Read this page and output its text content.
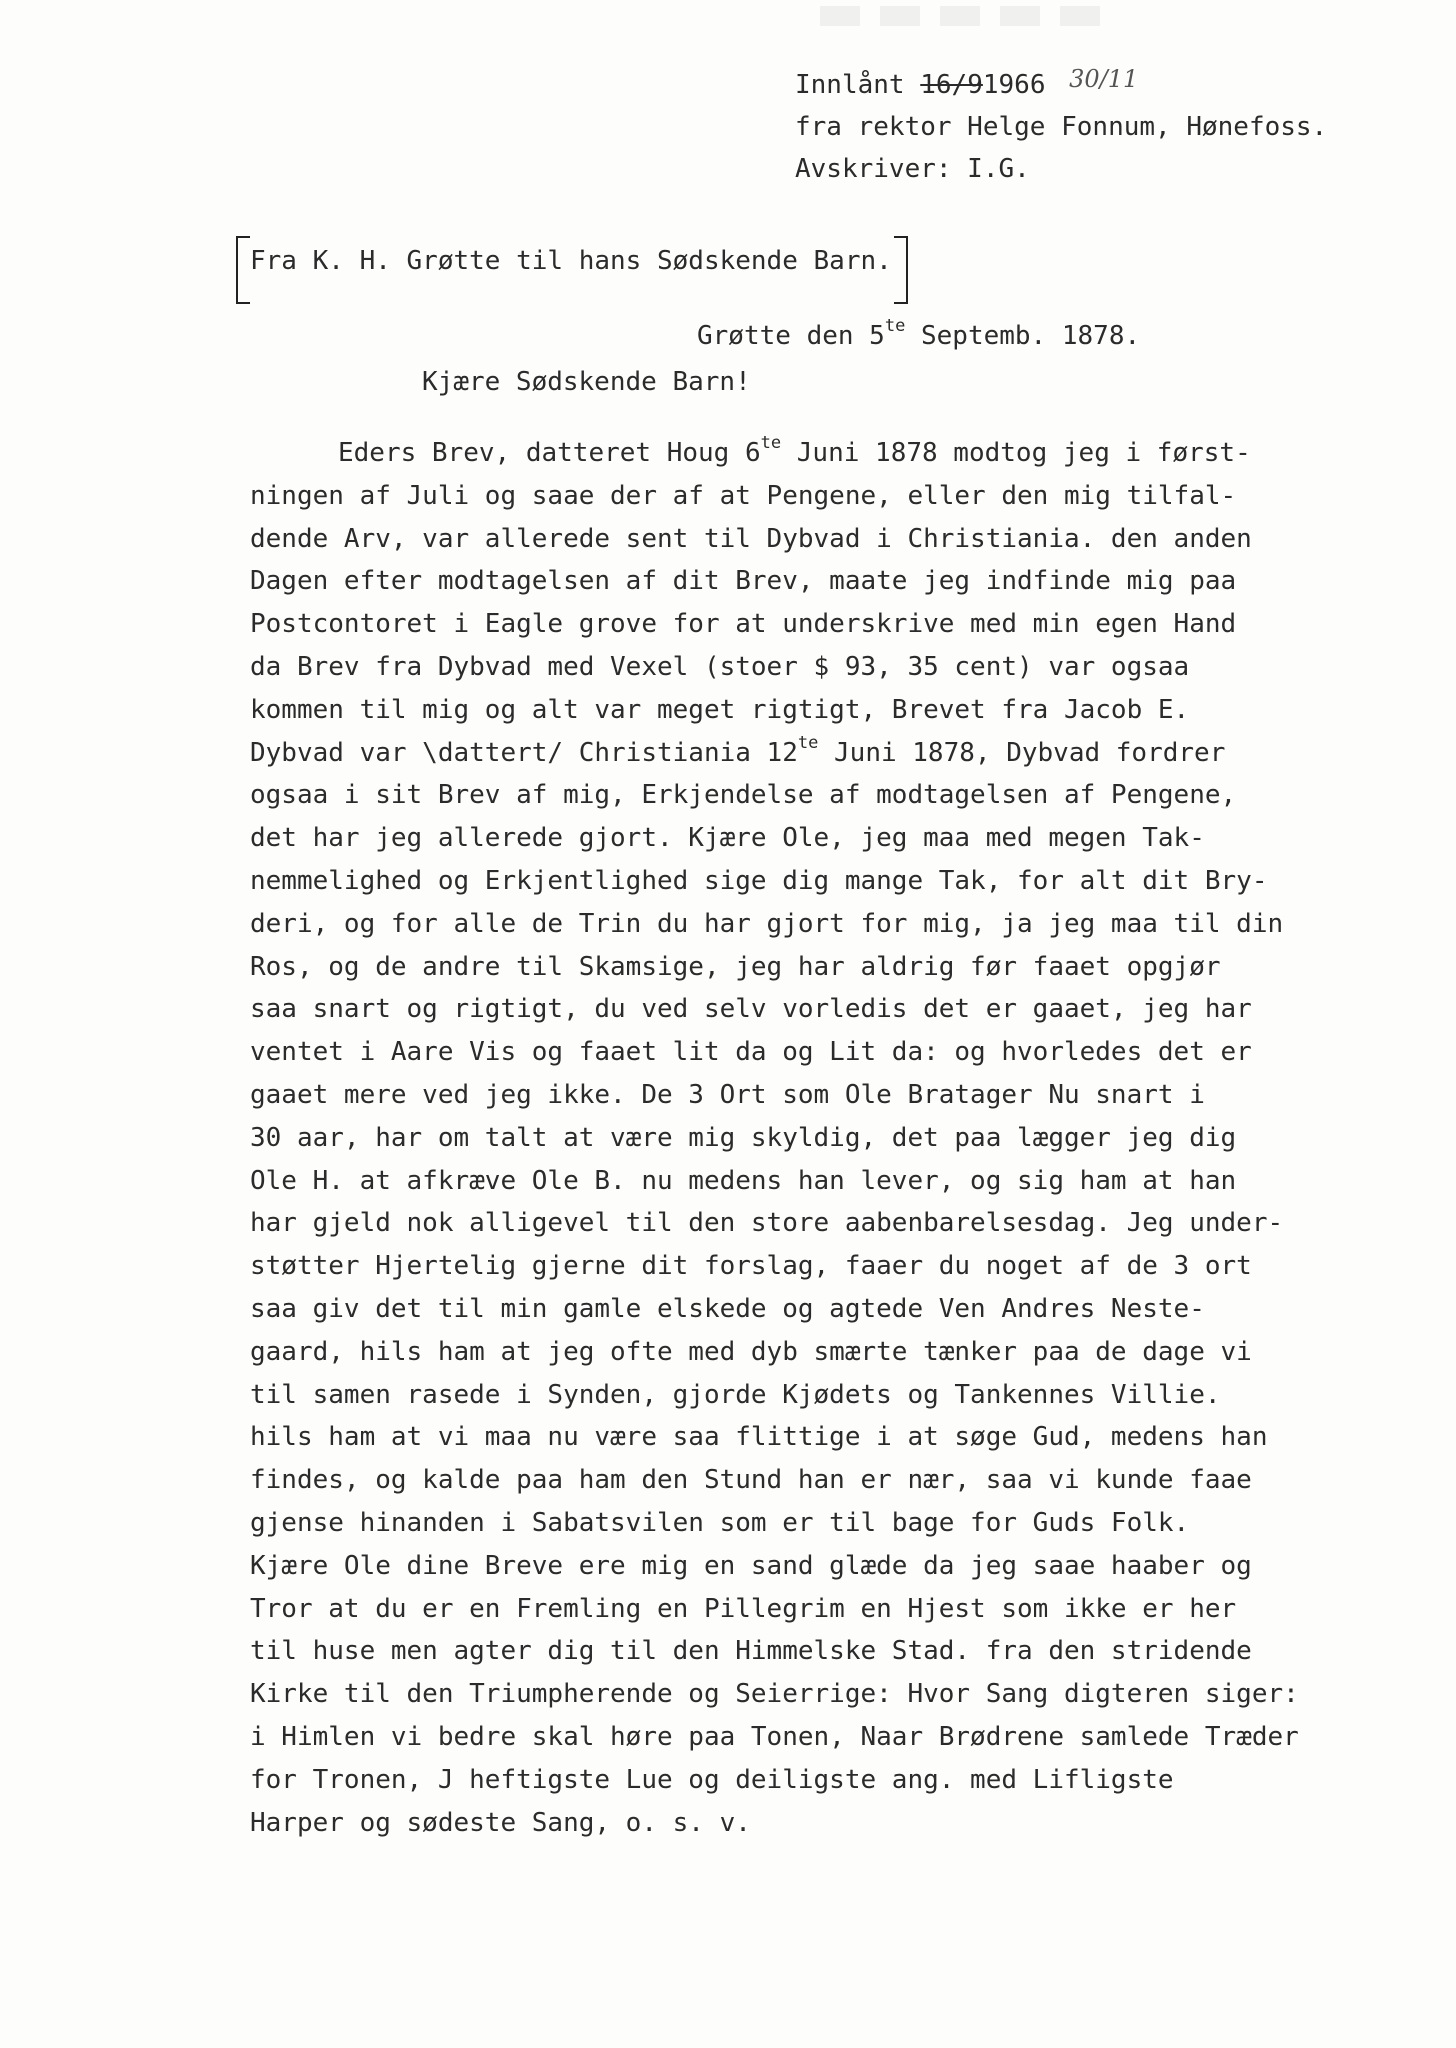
Innlånt 16/91966 30/11
fra rektor Helge Fonnum, Hønefoss.
Avskriver: I.G.
Fra K. H. Grøtte til hans Sødskende Barn.
Grøtte den $5^{te}$ Septemb. 1878.
Kjære Sødskende Barn!
Eders Brev, datteret Houg $6^{te}$ Juni 1878 modtog jeg i først-
ningen af Juli og saae der af at Pengene, eller den mig tilfal-
dende Arv, var allerede sent til Dybvad i Christiania. den anden
Dagen efter modtagelsen af dit Brev, maate jeg indfinde mig paa
Postcontoret i Eagle grove for at underskrive med min egen Hand
da Brev fra Dybvad med Vexel (stoer $ 93, 35 cent) var ogsaa
kommen til mig og alt var meget rigtigt, Brevet fra Jacob E.
Dybvad var \dattert/ Christiania $12^{te}$ Juni 1878, Dybvad fordrer
ogsaa i sit Brev af mig, Erkjendelse af modtagelsen af Pengene,
det har jeg allerede gjort. Kjære Ole, jeg maa med megen Tak-
nemmelighed og Erkjentlighed sige dig mange Tak, for alt dit Bry-
deri, og for alle de Trin du har gjort for mig, ja jeg maa til din
Ros, og de andre til Skamsige, jeg har aldrig før faaet opgjør
saa snart og rigtigt, du ved selv vorledis det er gaaet, jeg har
ventet i Aare Vis og faaet lit da og Lit da: og hvorledes det er
gaaet mere ved jeg ikke. De 3 Ort som Ole Bratager Nu snart i
30 aar, har om talt at være mig skyldig, det paa lægger jeg dig
Ole H. at afkræve Ole B. nu medens han lever, og sig ham at han
har gjeld nok alligevel til den store aabenbarelsesdag. Jeg under-
støtter Hjertelig gjerne dit forslag, faaer du noget af de 3 ort
saa giv det til min gamle elskede og agtede Ven Andres Neste-
gaard, hils ham at jeg ofte med dyb smærte tænker paa de dage vi
til samen rasede i Synden, gjorde Kjødets og Tankennes Villie.
hils ham at vi maa nu være saa flittige i at søge Gud, medens han
findes, og kalde paa ham den Stund han er nær, saa vi kunde faae
gjense hinanden i Sabatsvilen som er til bage for Guds Folk.
Kjære Ole dine Breve ere mig en sand glæde da jeg saae haaber og
Tror at du er en Fremling en Pillegrim en Hjest som ikke er her
til huse men agter dig til den Himmelske Stad. fra den stridende
Kirke til den Triumpherende og Seierrige: Hvor Sang digteren siger:
i Himlen vi bedre skal høre paa Tonen, Naar Brødrene samlede Træder
for Tronen, J heftigste Lue og deiligste ang. med Lifligste
Harper og sødeste Sang, o. s. v.
